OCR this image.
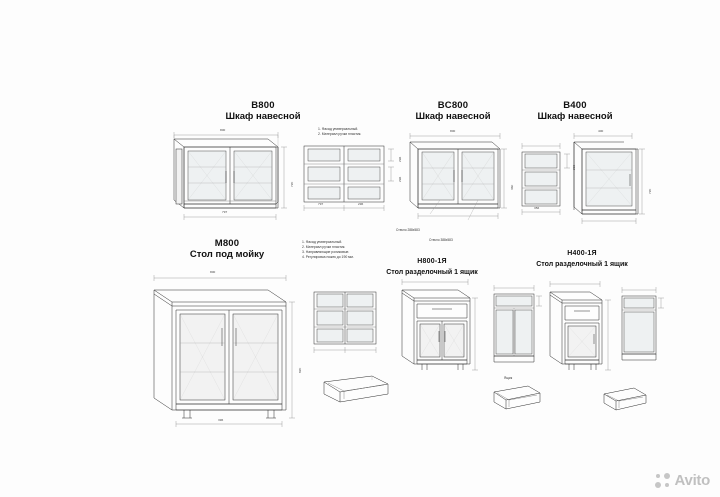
B800
Шкаф навесной
800
720
797
1. Фасад универсальный.
2. Материал ручки пластик.
296
296
797	296
BC800
Шкаф навесной
800
360
Стекло 288х583
Стекло 388х583
B400
Шкаф навесной
296
356
400
720
M800
Стол под мойку
800
820
396
1. Фасад универсальный.
2. Материал ручки пластик.
3. Направляющие роликовые.
4. Регулировка ножек до 190 мм.
Н800-1Я
Стол разделочный 1 ящик
Ящик
Н400-1Я
Стол разделочный 1 ящик
Avito
